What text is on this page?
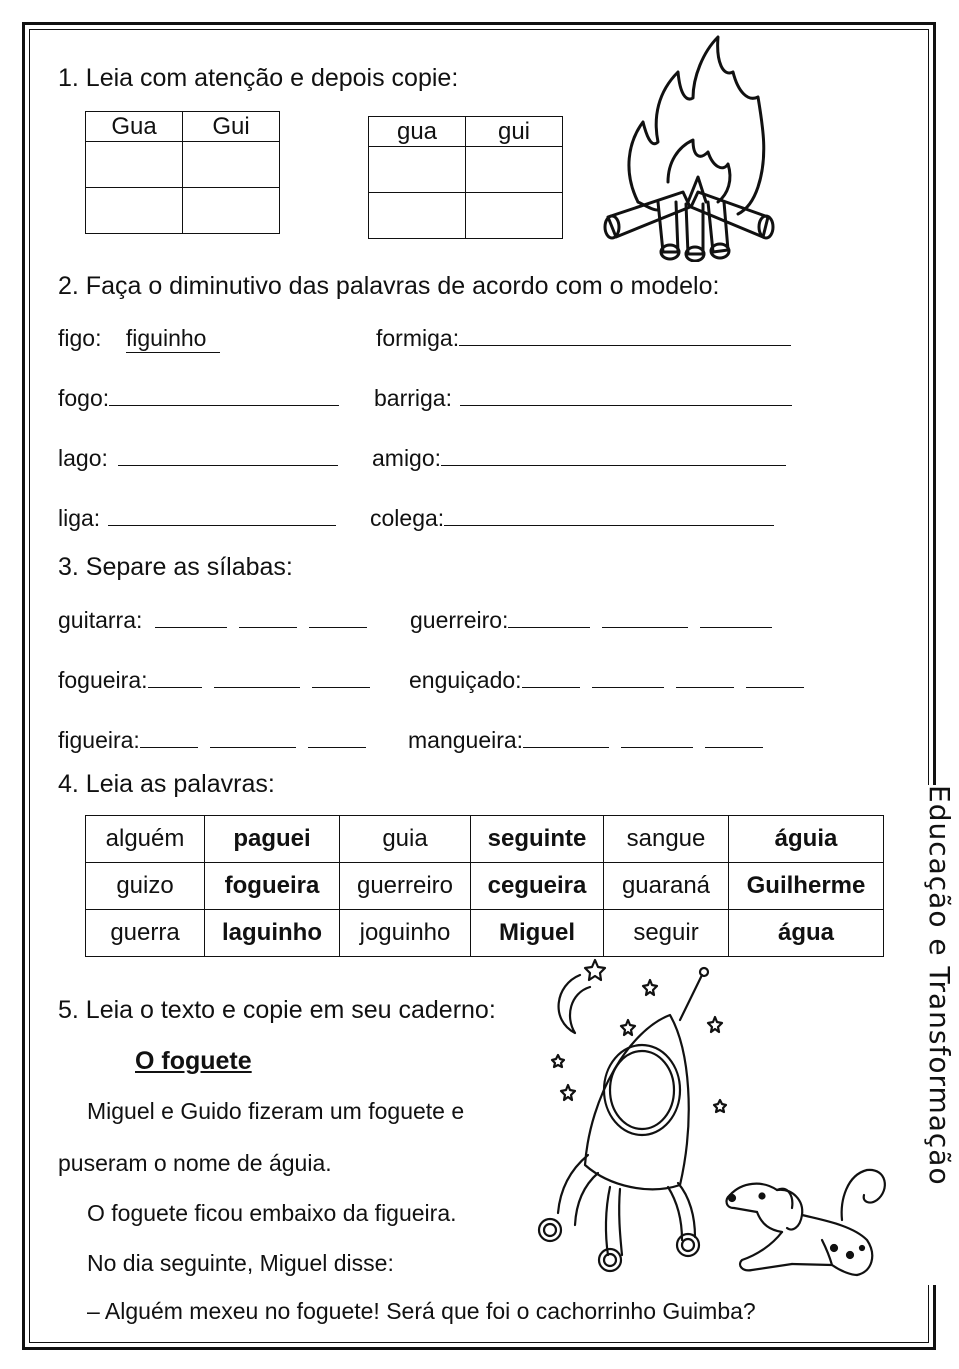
1. Leia com atenção e depois copie:
Gua	Gui

		gua	gui

2. Faça o diminutivo das palavras de acordo com o modelo:
figo: figuinho	formiga:
fogo:	barriga:
lago:	amigo:
liga:	colega:
3. Separe as sílabas:
guitarra:	guerreiro:
fogueira:	enguiçado:
figueira:	mangueira:
4. Leia as palavras:
alguém	paguei	guia	seguinte	sangue	águia
guizo	fogueira	guerreiro	cegueira	guaraná	Guilherme
guerra	laguinho	joguinho	Miguel	seguir	água
5. Leia o texto e copie em seu caderno:
O foguete
Miguel e Guido fizeram um foguete e
puseram o nome de águia.
O foguete ficou embaixo da figueira.
No dia seguinte, Miguel disse:
– Alguém mexeu no foguete! Será que foi o cachorrinho Guimba?
Educação e Transformação
